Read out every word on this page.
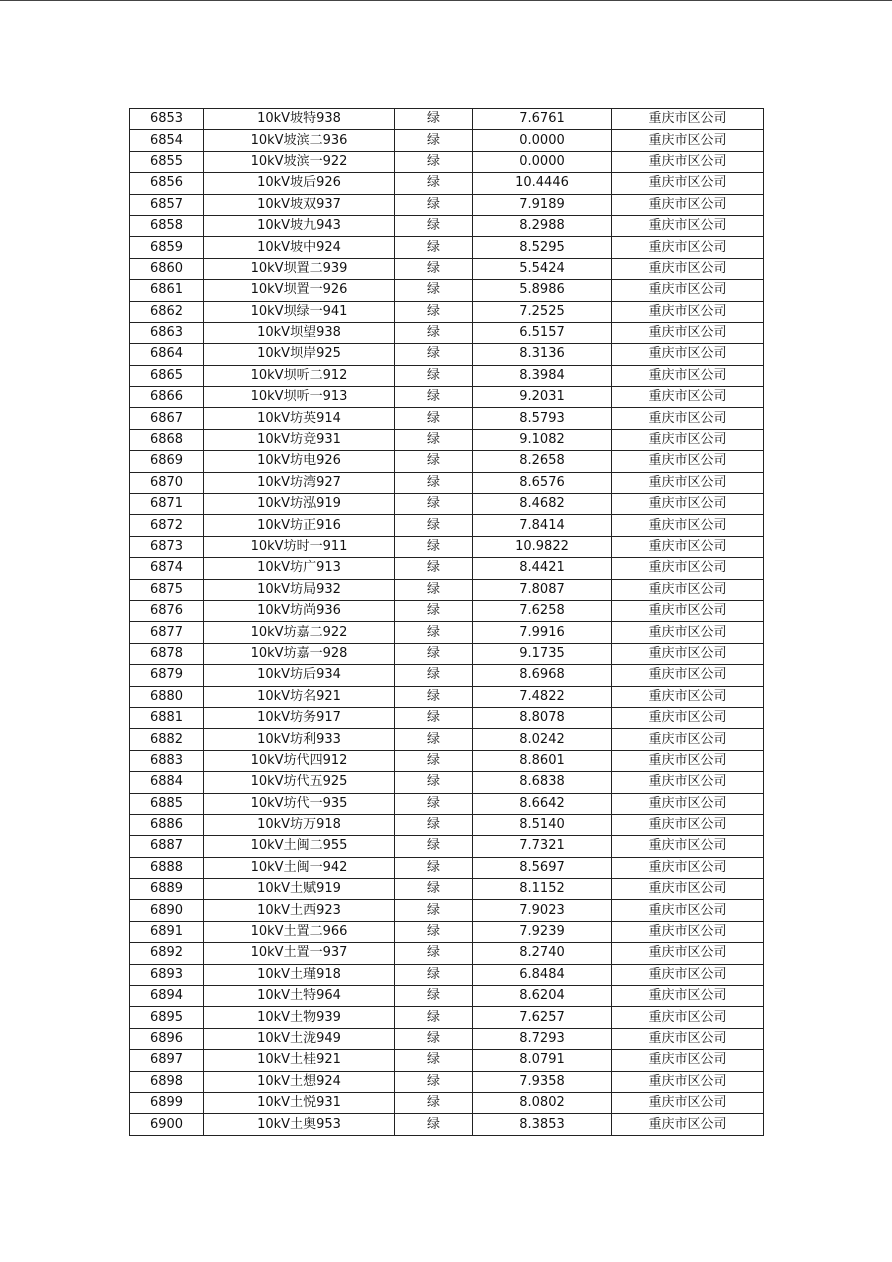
6853	10kV坡特938	绿	7.6761	重庆市区公司
6854	10kV坡滨二936	绿	0.0000	重庆市区公司
6855	10kV坡滨一922	绿	0.0000	重庆市区公司
6856	10kV坡后926	绿	10.4446	重庆市区公司
6857	10kV坡双937	绿	7.9189	重庆市区公司
6858	10kV坡九943	绿	8.2988	重庆市区公司
6859	10kV坡中924	绿	8.5295	重庆市区公司
6860	10kV坝置二939	绿	5.5424	重庆市区公司
6861	10kV坝置一926	绿	5.8986	重庆市区公司
6862	10kV坝绿一941	绿	7.2525	重庆市区公司
6863	10kV坝望938	绿	6.5157	重庆市区公司
6864	10kV坝岸925	绿	8.3136	重庆市区公司
6865	10kV坝听二912	绿	8.3984	重庆市区公司
6866	10kV坝听一913	绿	9.2031	重庆市区公司
6867	10kV坊英914	绿	8.5793	重庆市区公司
6868	10kV坊竞931	绿	9.1082	重庆市区公司
6869	10kV坊电926	绿	8.2658	重庆市区公司
6870	10kV坊湾927	绿	8.6576	重庆市区公司
6871	10kV坊泓919	绿	8.4682	重庆市区公司
6872	10kV坊正916	绿	7.8414	重庆市区公司
6873	10kV坊时一911	绿	10.9822	重庆市区公司
6874	10kV坊广913	绿	8.4421	重庆市区公司
6875	10kV坊局932	绿	7.8087	重庆市区公司
6876	10kV坊尚936	绿	7.6258	重庆市区公司
6877	10kV坊嘉二922	绿	7.9916	重庆市区公司
6878	10kV坊嘉一928	绿	9.1735	重庆市区公司
6879	10kV坊后934	绿	8.6968	重庆市区公司
6880	10kV坊名921	绿	7.4822	重庆市区公司
6881	10kV坊务917	绿	8.8078	重庆市区公司
6882	10kV坊利933	绿	8.0242	重庆市区公司
6883	10kV坊代四912	绿	8.8601	重庆市区公司
6884	10kV坊代五925	绿	8.6838	重庆市区公司
6885	10kV坊代一935	绿	8.6642	重庆市区公司
6886	10kV坊万918	绿	8.5140	重庆市区公司
6887	10kV土闽二955	绿	7.7321	重庆市区公司
6888	10kV土闽一942	绿	8.5697	重庆市区公司
6889	10kV土赋919	绿	8.1152	重庆市区公司
6890	10kV土西923	绿	7.9023	重庆市区公司
6891	10kV土置二966	绿	7.9239	重庆市区公司
6892	10kV土置一937	绿	8.2740	重庆市区公司
6893	10kV土瑾918	绿	6.8484	重庆市区公司
6894	10kV土特964	绿	8.6204	重庆市区公司
6895	10kV土物939	绿	7.6257	重庆市区公司
6896	10kV土泷949	绿	8.7293	重庆市区公司
6897	10kV土桂921	绿	8.0791	重庆市区公司
6898	10kV土想924	绿	7.9358	重庆市区公司
6899	10kV土悦931	绿	8.0802	重庆市区公司
6900	10kV土奥953	绿	8.3853	重庆市区公司
